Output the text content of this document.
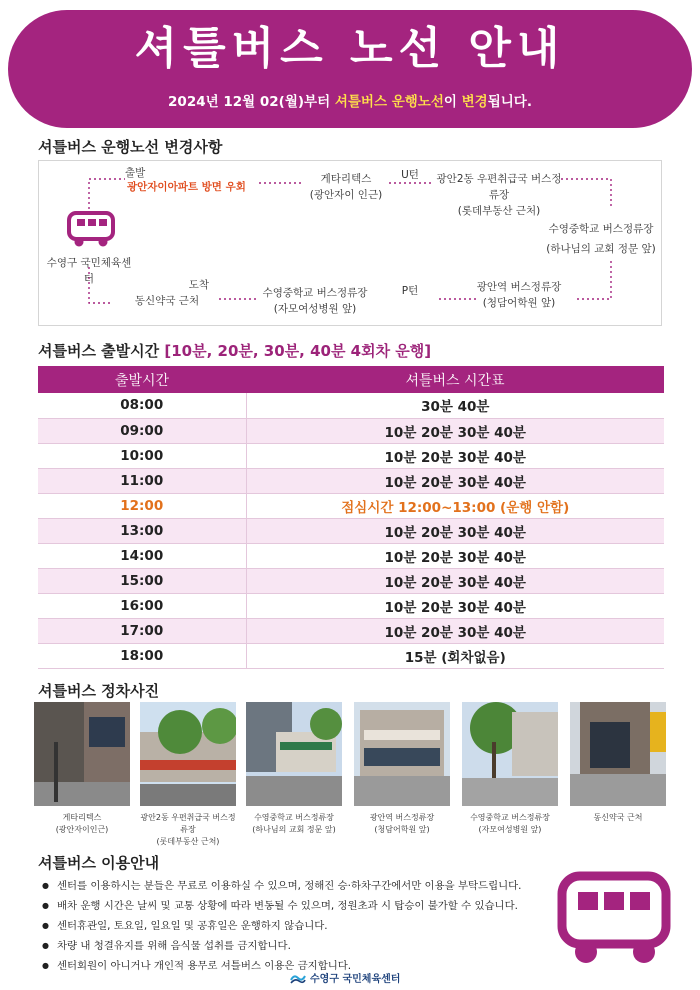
셔틀버스 노선 안내
2024년 12월 02(월)부터 셔틀버스 운행노선이 변경됩니다.
셔틀버스 운행노선 변경사항
수영구 국민체육센터
출발
광안자이아파트 방면 우회
게타리텍스
(광안자이 인근)
U턴	광안2동 우편취급국 버스정류장
(롯데부동산 근처)
수영중학교 버스정류장
(하나님의 교회 정문 앞)
광안역 버스정류장
(청담어학원 앞)
P턴
수영중학교 버스정류장
(자모여성병원 앞)
도착
동신약국 근처
셔틀버스 출발시간 [10분, 20분, 30분, 40분 4회차 운행]
출발시간	셔틀버스 시간표
08:00	30분 40분
09:00	10분 20분 30분 40분
10:00	10분 20분 30분 40분
11:00	10분 20분 30분 40분
12:00	점심시간 12:00~13:00 (운행 안함)
13:00	10분 20분 30분 40분
14:00	10분 20분 30분 40분
15:00	10분 20분 30분 40분
16:00	10분 20분 30분 40분
17:00	10분 20분 30분 40분
18:00	15분 (회차없음)
셔틀버스 정차사진
게타리텍스
(광안자이인근)
광안2동 우편취급국 버스정류장
(롯데부동산 근처)
수영중학교 버스정류장
(하나님의 교회 정문 앞)
광안역 버스정류장
(청담어학원 앞)
수영중학교 버스정류장
(자모여성병원 앞)
동신약국 근처
셔틀버스 이용안내
● 센터를 이용하시는 분들은 무료로 이용하실 수 있으며, 정해진 승·하차구간에서만 이용을 부탁드립니다.
● 배차 운행 시간은 날씨 및 교통 상황에 따라 변동될 수 있으며, 정원초과 시 탑승이 불가할 수 있습니다.
● 센터휴관일, 토요일, 일요일 및 공휴일은 운행하지 않습니다.
● 차량 내 청결유지를 위해 음식물 섭취를 금지합니다.
● 센터회원이 아니거나 개인적 용무로 셔틀버스 이용은 금지합니다.
수영구 국민체육센터
